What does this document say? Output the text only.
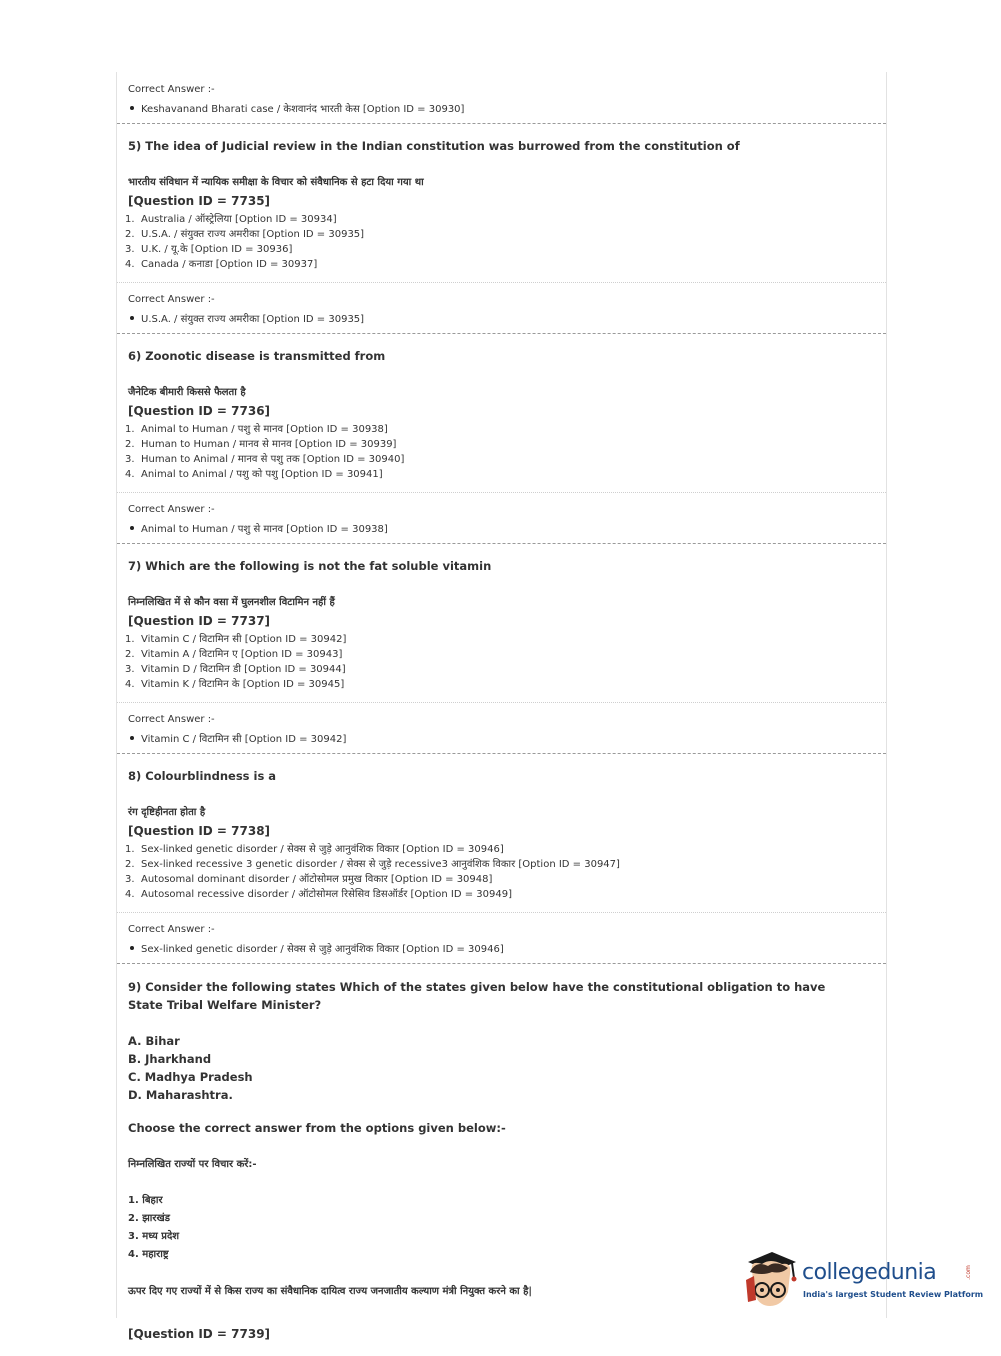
Correct Answer :-
Keshavanand Bharati case / केशवानंद भारती केस [Option ID = 30930]
5) The idea of Judicial review in the Indian constitution was burrowed from the constitution of
भारतीय संविधान में न्यायिक समीक्षा के विचार को संवैधानिक से हटा दिया गया था
[Question ID = 7735]
1. Australia / ऑस्ट्रेलिया [Option ID = 30934]
2. U.S.A. / संयुक्त राज्य अमरीका [Option ID = 30935]
3. U.K. / यू.के [Option ID = 30936]
4. Canada / कनाडा [Option ID = 30937]
Correct Answer :-
U.S.A. / संयुक्त राज्य अमरीका [Option ID = 30935]
6) Zoonotic disease is transmitted from
जैनेटिक बीमारी किससे फैलता है
[Question ID = 7736]
1. Animal to Human / पशु से मानव [Option ID = 30938]
2. Human to Human / मानव से मानव [Option ID = 30939]
3. Human to Animal / मानव से पशु तक [Option ID = 30940]
4. Animal to Animal / पशु को पशु [Option ID = 30941]
Correct Answer :-
Animal to Human / पशु से मानव [Option ID = 30938]
7) Which are the following is not the fat soluble vitamin
निम्नलिखित में से कौन वसा में घुलनशील विटामिन नहीं हैं
[Question ID = 7737]
1. Vitamin C / विटामिन सी [Option ID = 30942]
2. Vitamin A / विटामिन ए [Option ID = 30943]
3. Vitamin D / विटामिन डी [Option ID = 30944]
4. Vitamin K / विटामिन के [Option ID = 30945]
Correct Answer :-
Vitamin C / विटामिन सी [Option ID = 30942]
8) Colourblindness is a
रंग दृष्टिहीनता होता है
[Question ID = 7738]
1. Sex-linked genetic disorder / सेक्स से जुड़े आनुवंशिक विकार [Option ID = 30946]
2. Sex-linked recessive 3 genetic disorder / सेक्स से जुड़े recessive3 आनुवंशिक विकार [Option ID = 30947]
3. Autosomal dominant disorder / ऑटोसोमल प्रमुख विकार [Option ID = 30948]
4. Autosomal recessive disorder / ऑटोसोमल रिसेसिव डिसऑर्डर [Option ID = 30949]
Correct Answer :-
Sex-linked genetic disorder / सेक्स से जुड़े आनुवंशिक विकार [Option ID = 30946]
9) Consider the following states Which of the states given below have the constitutional obligation to have State Tribal Welfare Minister?
A. Bihar
B. Jharkhand
C. Madhya Pradesh
D. Maharashtra.
Choose the correct answer from the options given below:-
निम्नलिखित राज्यों पर विचार करें:-
1. बिहार
2. झारखंड
3. मध्य प्रदेश
4. महाराष्ट्र
ऊपर दिए गए राज्यों में से किस राज्य का संवैधानिक दायित्व राज्य जनजातीय कल्याण मंत्री नियुक्त करने का है|
[Question ID = 7739]
collegedunia	.com
India's largest Student Review Platform
